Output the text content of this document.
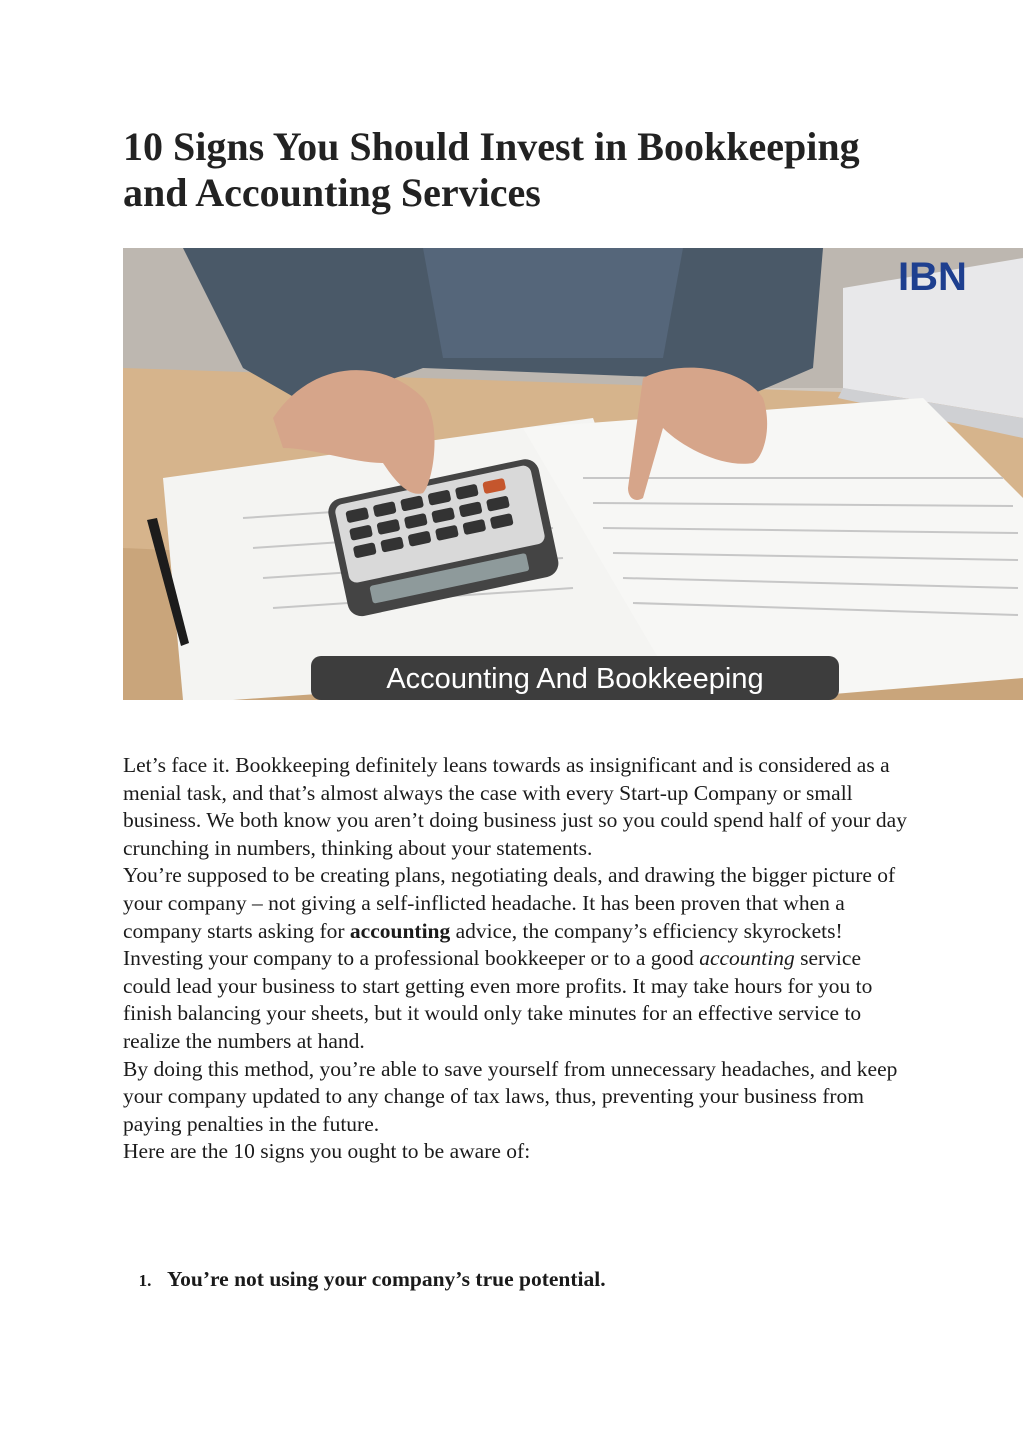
10 Signs You Should Invest in Bookkeeping and Accounting Services
IBN
Accounting And Bookkeeping

Let’s face it. Bookkeeping definitely leans towards as insignificant and is considered as a menial task, and that’s almost always the case with every Start-up Company or small business. We both know you aren’t doing business just so you could spend half of your day crunching in numbers, thinking about your statements.

You’re supposed to be creating plans, negotiating deals, and drawing the bigger picture of your company – not giving a self-inflicted headache. It has been proven that when a company starts asking for accounting advice, the company’s efficiency skyrockets!

Investing your company to a professional bookkeeper or to a good accounting service could lead your business to start getting even more profits. It may take hours for you to finish balancing your sheets, but it would only take minutes for an effective service to realize the numbers at hand.

By doing this method, you’re able to save yourself from unnecessary headaches, and keep your company updated to any change of tax laws, thus, preventing your business from paying penalties in the future.

Here are the 10 signs you ought to be aware of:

1. You’re not using your company’s true potential.
